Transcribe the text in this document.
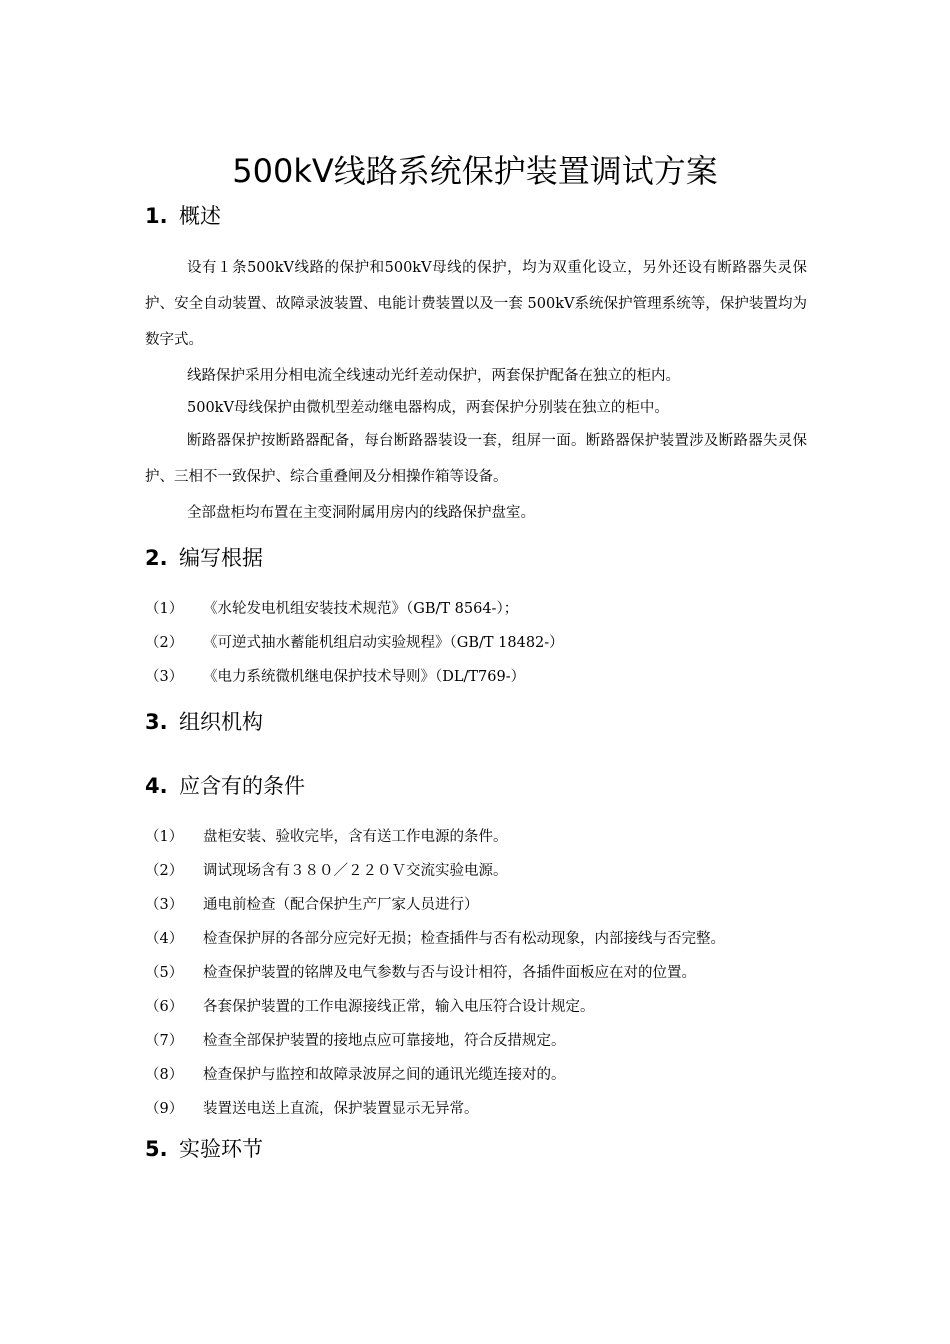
500kV线路系统保护装置调试方案
1. 概述

设有１条500kV线路的保护和500kV母线的保护，均为双重化设立，另外还设有断路器失灵保护、安全自动装置、故障录波装置、电能计费装置以及一套 500kV系统保护管理系统等，保护装置均为数字式。

线路保护采用分相电流全线速动光纤差动保护，两套保护配备在独立的柜内。

500kV母线保护由微机型差动继电器构成，两套保护分别装在独立的柜中。

断路器保护按断路器配备，每台断路器装设一套，组屏一面。断路器保护装置涉及断路器失灵保护、三相不一致保护、综合重叠闸及分相操作箱等设备。

全部盘柜均布置在主变洞附属用房内的线路保护盘室。

2. 编写根据
（1） 《水轮发电机组安装技术规范》（GB/T 8564-）；
（2） 《可逆式抽水蓄能机组启动实验规程》（GB/T 18482-）
（3） 《电力系统微机继电保护技术导则》（DL/T769-）
3. 组织机构
4. 应含有的条件
（1） 盘柜安装、验收完毕，含有送工作电源的条件。
（2） 调试现场含有３８０／２２０Ｖ交流实验电源。
（3） 通电前检查（配合保护生产厂家人员进行）
（4） 检查保护屏的各部分应完好无损；检查插件与否有松动现象，内部接线与否完整。
（5） 检查保护装置的铭牌及电气参数与否与设计相符，各插件面板应在对的位置。
（6） 各套保护装置的工作电源接线正常，输入电压符合设计规定。
（7） 检查全部保护装置的接地点应可靠接地，符合反措规定。
（8） 检查保护与监控和故障录波屏之间的通讯光缆连接对的。
（9） 装置送电送上直流，保护装置显示无异常。
5. 实验环节
